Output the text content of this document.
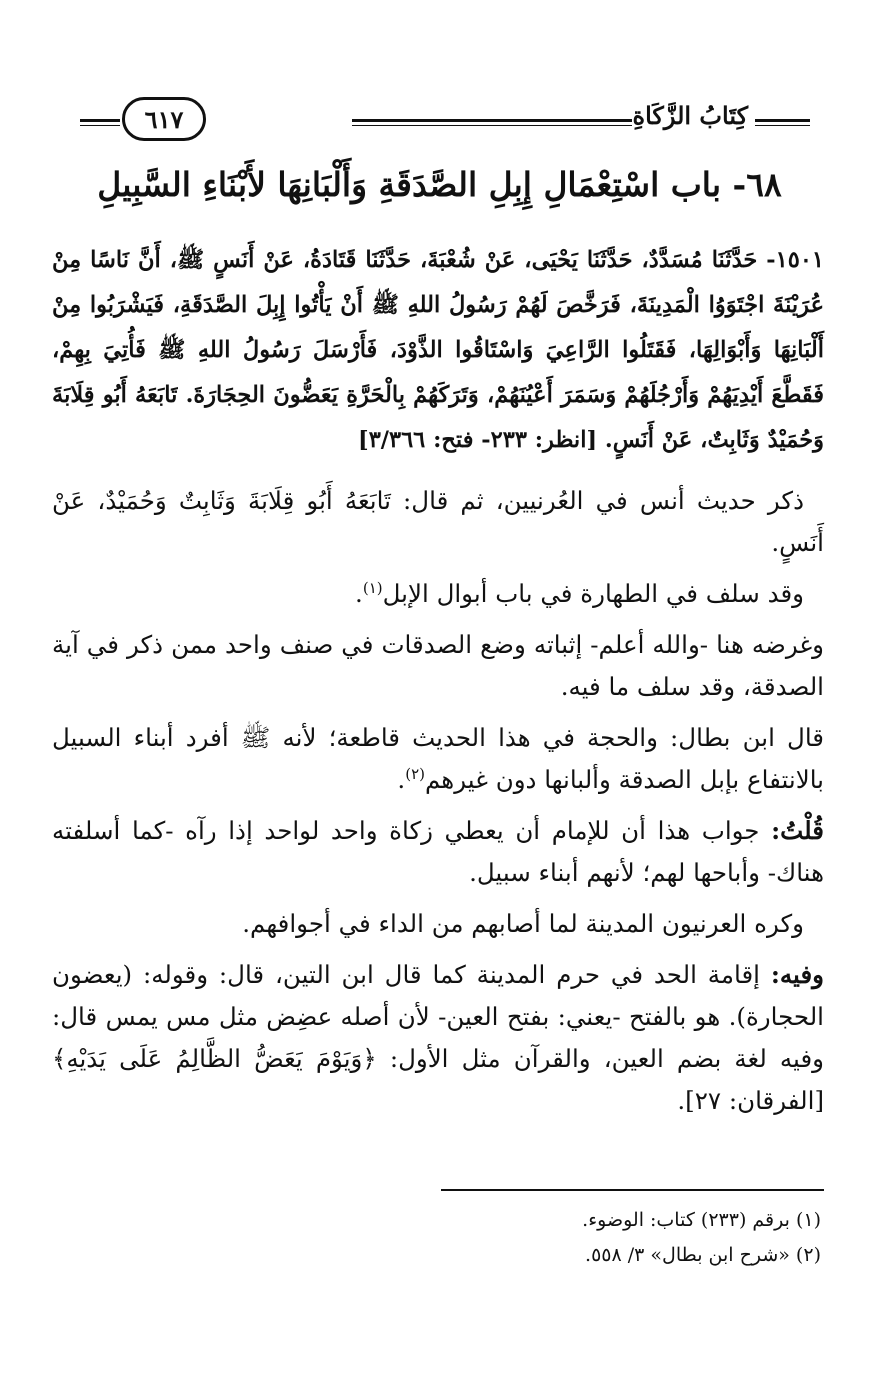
كِتَابُ الزَّكَاةِ
٦١٧
٦٨- باب اسْتِعْمَالِ إِبِلِ الصَّدَقَةِ وَأَلْبَانِهَا لأَبْنَاءِ السَّبِيلِ
١٥٠١- حَدَّثَنَا مُسَدَّدٌ، حَدَّثَنَا يَحْيَى، عَنْ شُعْبَةَ، حَدَّثَنَا قَتَادَةُ، عَنْ أَنَسٍ ﷺ، أَنَّ نَاسًا مِنْ عُرَيْنَةَ اجْتَوَوُا الْمَدِينَةَ، فَرَخَّصَ لَهُمْ رَسُولُ اللهِ ﷺ أَنْ يَأْتُوا إِبِلَ الصَّدَقَةِ، فَيَشْرَبُوا مِنْ أَلْبَانِهَا وَأَبْوَالِهَا، فَقَتَلُوا الرَّاعِيَ وَاسْتَاقُوا الذَّوْدَ، فَأَرْسَلَ رَسُولُ اللهِ ﷺ فَأُتِيَ بِهِمْ، فَقَطَّعَ أَيْدِيَهُمْ وَأَرْجُلَهُمْ وَسَمَرَ أَعْيُنَهُمْ، وَتَرَكَهُمْ بِالْحَرَّةِ يَعَضُّونَ الحِجَارَةَ. تَابَعَهُ أَبُو قِلَابَةَ وَحُمَيْدٌ وَثَابِتٌ، عَنْ أَنَسٍ. [انظر: ٢٣٣- فتح: ٣/٣٦٦]

ذكر حديث أنس في العُرنيين، ثم قال: تَابَعَهُ أَبُو قِلَابَةَ وَثَابِتٌ وَحُمَيْدٌ، عَنْ أَنَسٍ.

وقد سلف في الطهارة في باب أبوال الإبل$^{(١)}$.

وغرضه هنا -والله أعلم- إثباته وضع الصدقات في صنف واحد ممن ذكر في آية الصدقة، وقد سلف ما فيه.

قال ابن بطال: والحجة في هذا الحديث قاطعة؛ لأنه ﷺ أفرد أبناء السبيل بالانتفاع بإبل الصدقة وألبانها دون غيرهم$^{(٢)}$.

قُلْتُ: جواب هذا أن للإمام أن يعطي زكاة واحد لواحد إذا رآه -كما أسلفته هناك- وأباحها لهم؛ لأنهم أبناء سبيل.

وكره العرنيون المدينة لما أصابهم من الداء في أجوافهم.

وفيه: إقامة الحد في حرم المدينة كما قال ابن التين، قال: وقوله: (يعضون الحجارة). هو بالفتح -يعني: بفتح العين- لأن أصله عضِض مثل مس يمس قال: وفيه لغة بضم العين، والقرآن مثل الأول: ﴿وَيَوْمَ يَعَضُّ الظَّالِمُ عَلَى يَدَيْهِ﴾ [الفرقان: ٢٧].

(١) برقم (٢٣٣) كتاب: الوضوء.
(٢) «شرح ابن بطال» ٣/ ٥٥٨.
